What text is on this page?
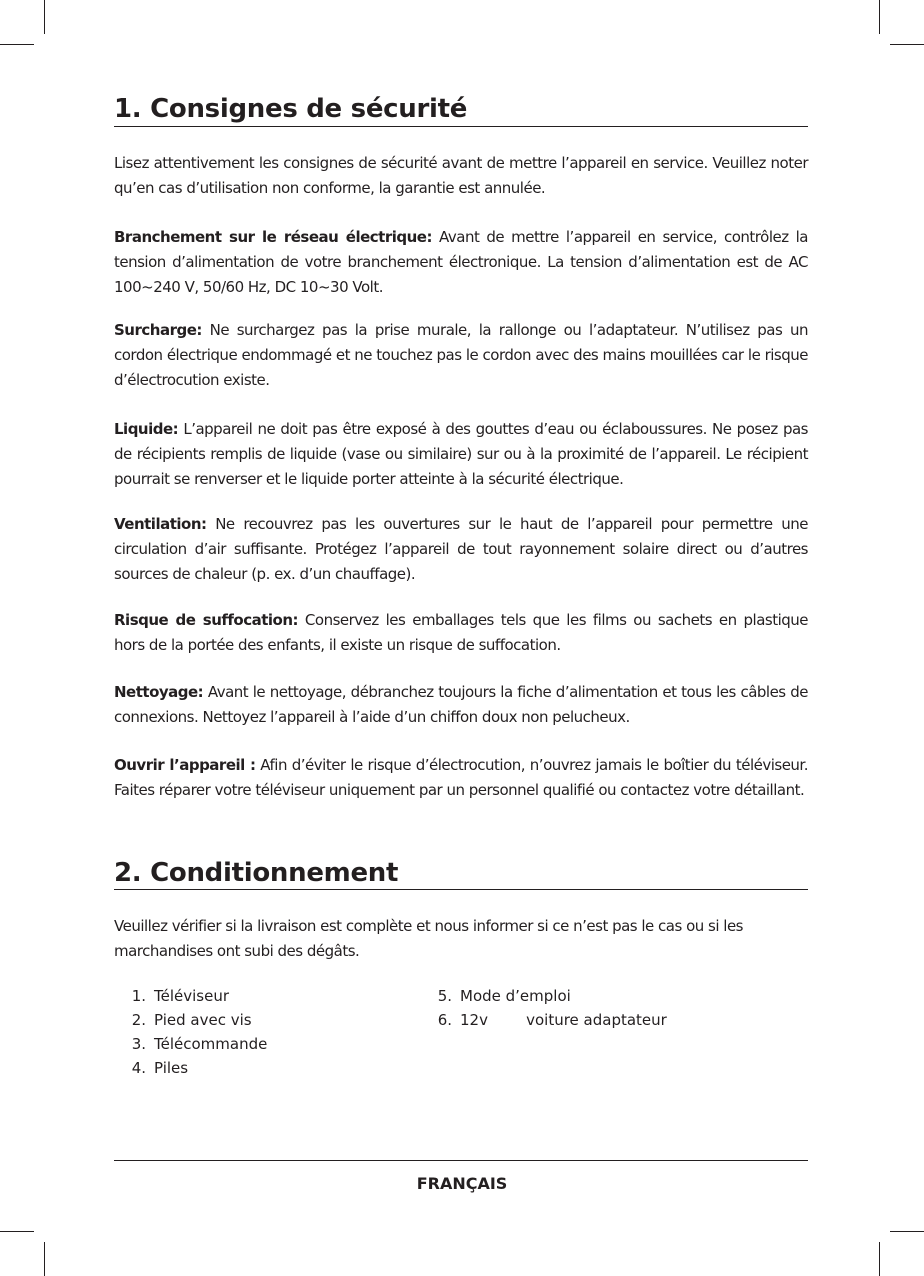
1. Consignes de sécurité

Lisez attentivement les consignes de sécurité avant de mettre l’appareil en service. Veuillez noter qu’en cas d’utilisation non conforme, la garantie est annulée.

Branchement sur le réseau électrique: Avant de mettre l’appareil en service, contrôlez la tension d’alimentation de votre branchement électronique. La tension d’alimentation est de AC 100~240 V, 50/60 Hz, DC 10~30 Volt.

Surcharge: Ne surchargez pas la prise murale, la rallonge ou l’adaptateur. N’utilisez pas un cordon électrique endommagé et ne touchez pas le cordon avec des mains mouillées car le risque d’électrocution existe.

Liquide: L’appareil ne doit pas être exposé à des gouttes d’eau ou éclaboussures. Ne posez pas de récipients remplis de liquide (vase ou similaire) sur ou à la proximité de l’appareil. Le récipient pourrait se renverser et le liquide porter atteinte à la sécurité électrique.

Ventilation: Ne recouvrez pas les ouvertures sur le haut de l’appareil pour permettre une circulation d’air suffisante. Protégez l’appareil de tout rayonnement solaire direct ou d’autres sources de chaleur (p. ex. d’un chauffage).

Risque de suffocation: Conservez les emballages tels que les films ou sachets en plastique hors de la portée des enfants, il existe un risque de suffocation.

Nettoyage: Avant le nettoyage, débranchez toujours la fiche d’alimentation et tous les câbles de connexions. Nettoyez l’appareil à l’aide d’un chiffon doux non pelucheux.

Ouvrir l’appareil : Afin d’éviter le risque d’électrocution, n’ouvrez jamais le boîtier du téléviseur. Faites réparer votre téléviseur uniquement par un personnel qualifié ou contactez votre détaillant.

2. Conditionnement

Veuillez vérifier si la livraison est complète et nous informer si ce n’est pas le cas ou si les marchandises ont subi des dégâts.

1. Téléviseur
2. Pied avec vis
3. Télécommande
4. Piles
5. Mode d’emploi
6. 12v        voiture adaptateur
FRANÇAIS
